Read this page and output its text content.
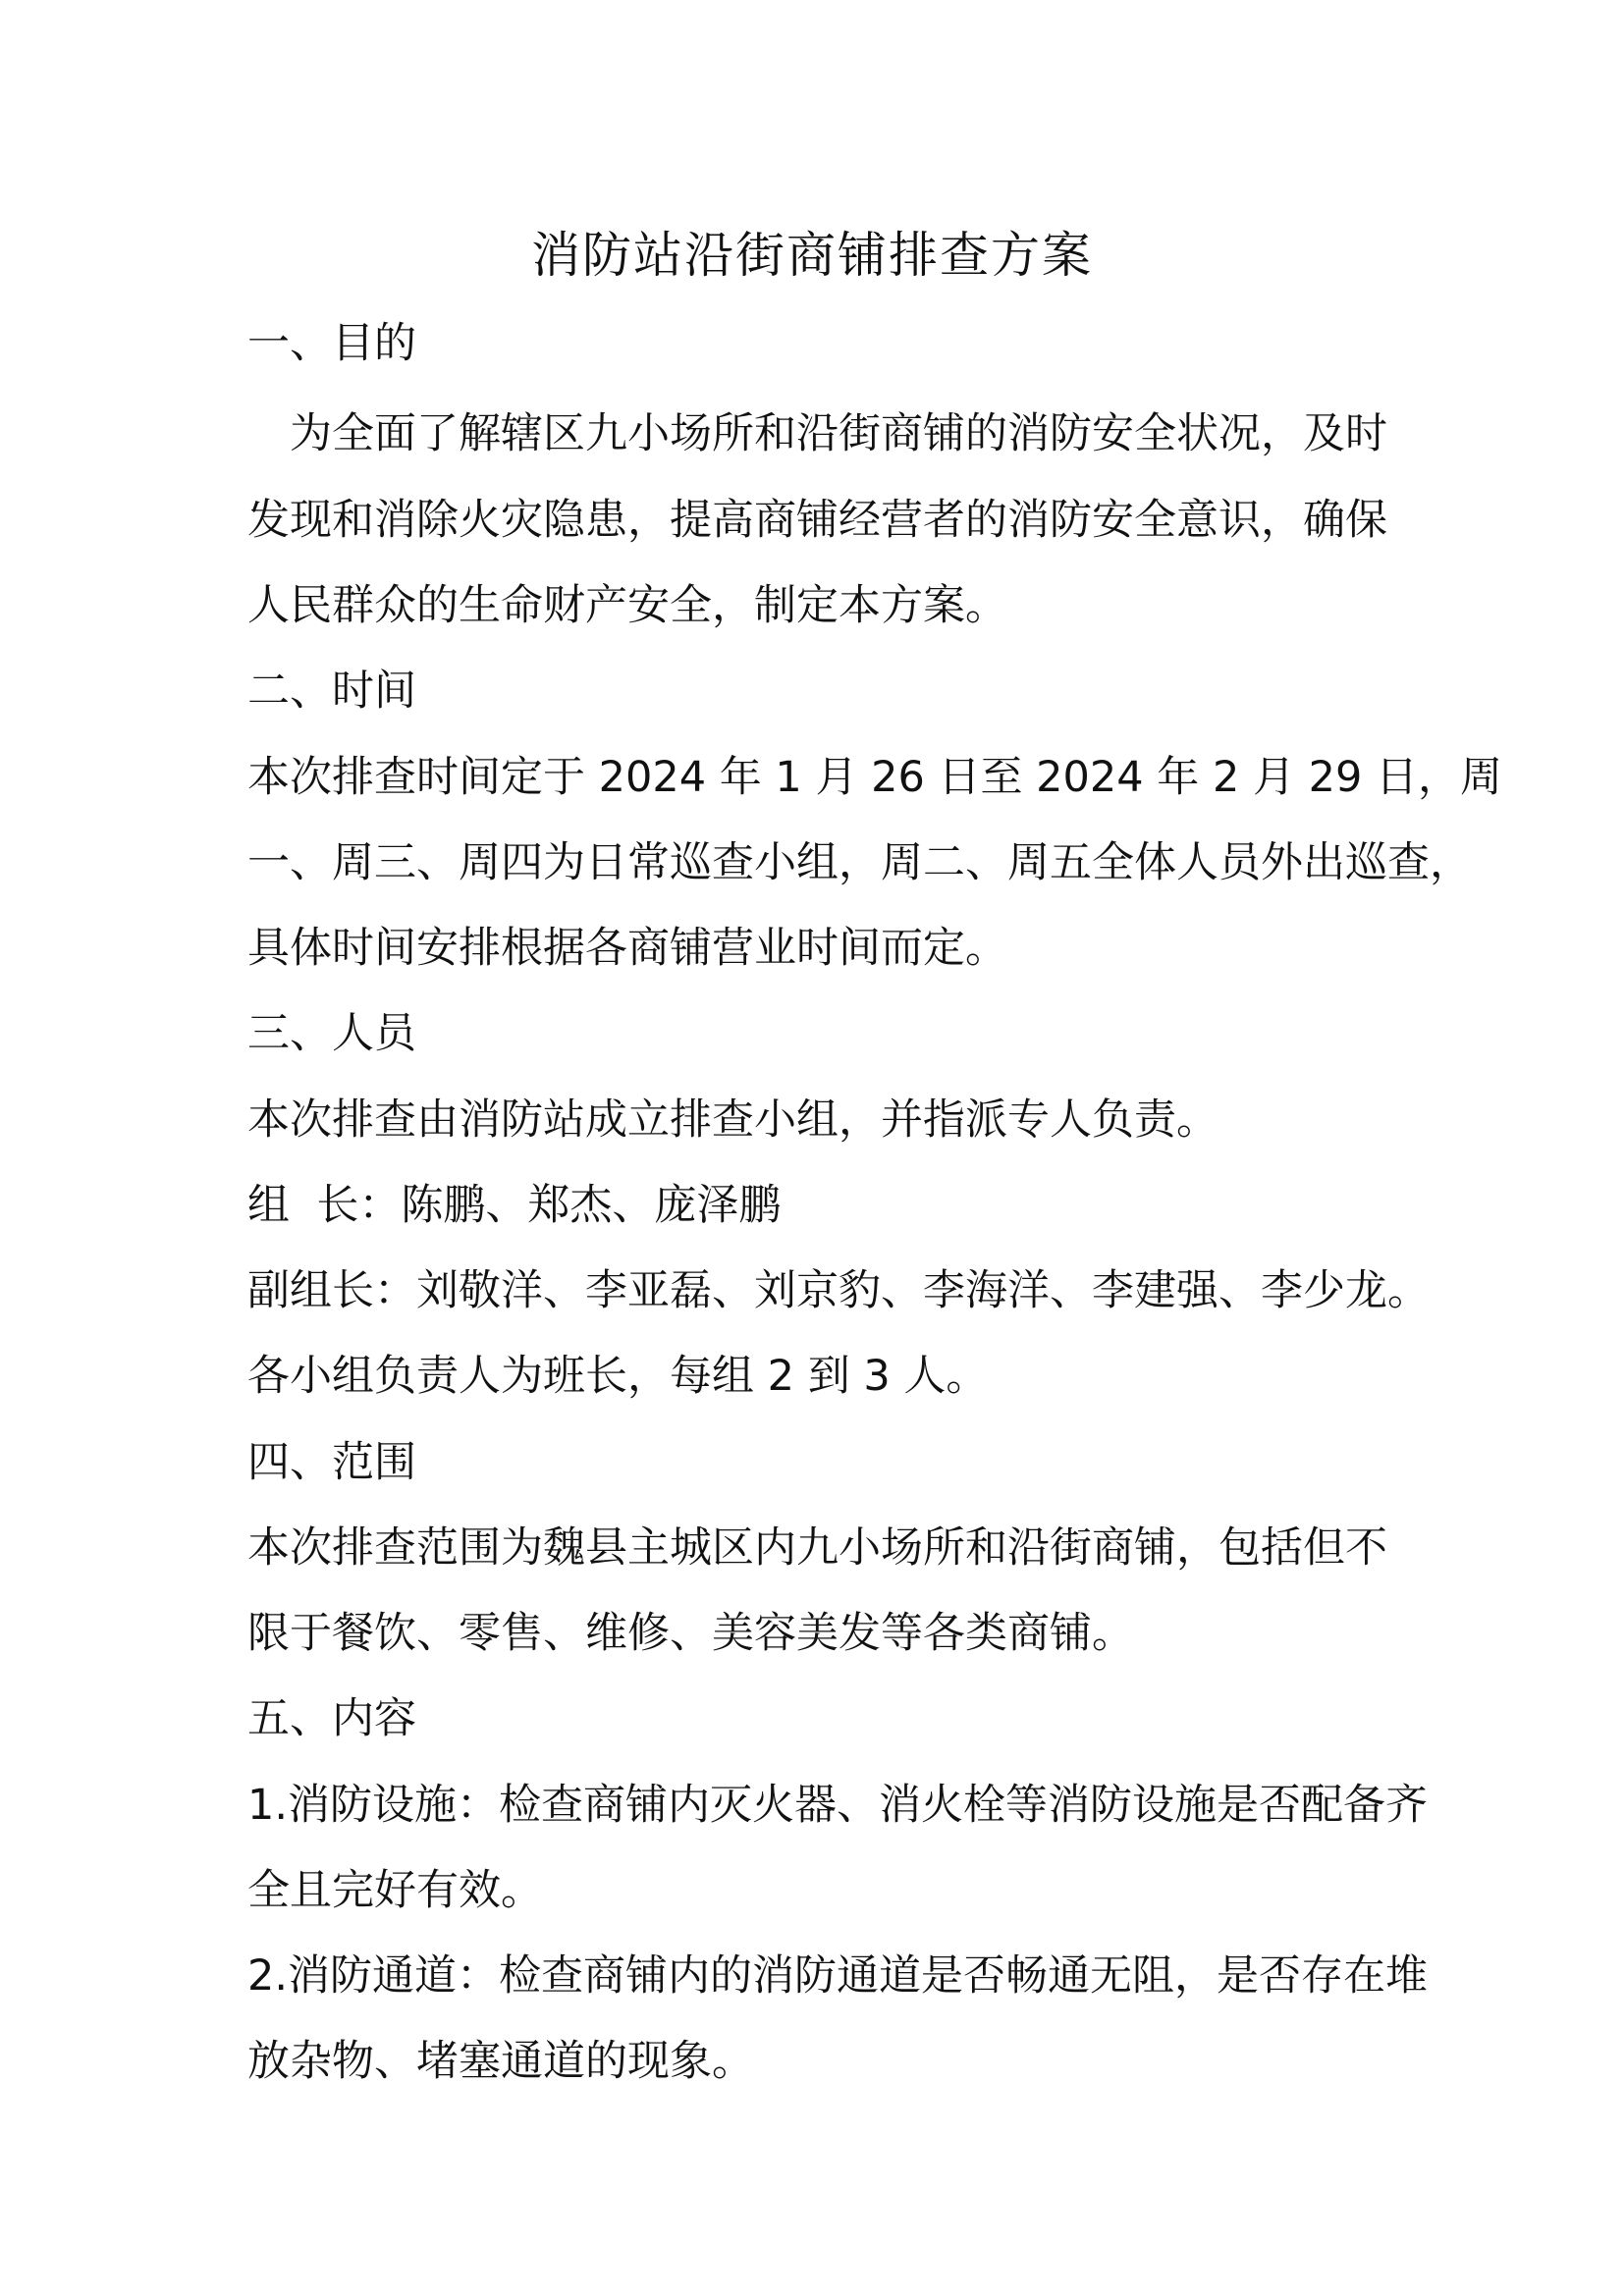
消防站沿街商铺排查方案

一、目的

为全面了解辖区九小场所和沿街商铺的消防安全状况，及时

发现和消除火灾隐患，提高商铺经营者的消防安全意识，确保

人民群众的生命财产安全，制定本方案。

二、时间

本次排查时间定于 2024 年 1 月 26 日至 2024 年 2 月 29 日，周

一、周三、周四为日常巡查小组，周二、周五全体人员外出巡查，

具体时间安排根据各商铺营业时间而定。

三、人员

本次排查由消防站成立排查小组，并指派专人负责。

组  长：陈鹏、郑杰、庞泽鹏

副组长：刘敬洋、李亚磊、刘京豹、李海洋、李建强、李少龙。

各小组负责人为班长，每组 2 到 3 人。

四、范围

本次排查范围为魏县主城区内九小场所和沿街商铺，包括但不

限于餐饮、零售、维修、美容美发等各类商铺。

五、内容

1.消防设施：检查商铺内灭火器、消火栓等消防设施是否配备齐

全且完好有效。

2.消防通道：检查商铺内的消防通道是否畅通无阻，是否存在堆

放杂物、堵塞通道的现象。
